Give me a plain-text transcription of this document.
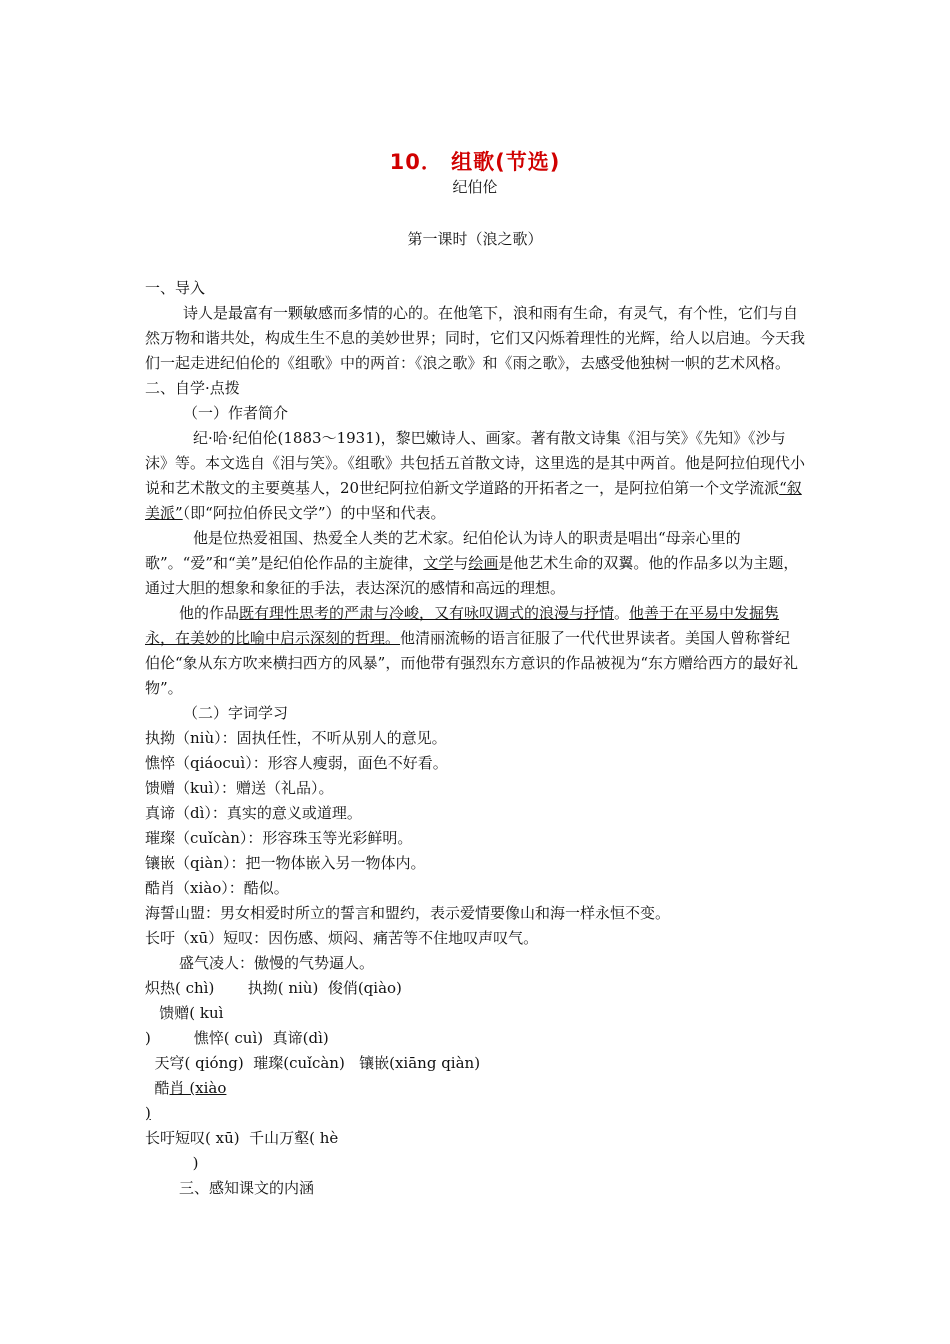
10． 组歌(节选)
纪伯伦
第一课时（浪之歌）

一、导入

诗人是最富有一颗敏感而多情的心的。在他笔下，浪和雨有生命，有灵气，有个性，它们与自然万物和谐共处，构成生生不息的美妙世界；同时，它们又闪烁着理性的光辉，给人以启迪。今天我们一起走进纪伯伦的《组歌》中的两首：《浪之歌》和《雨之歌》，去感受他独树一帜的艺术风格。

二、自学·点拨

（一）作者简介

纪·哈·纪伯伦(1883～1931)，黎巴嫩诗人、画家。著有散文诗集《泪与笑》《先知》《沙与沫》等。本文选自《泪与笑》。《组歌》共包括五首散文诗，这里选的是其中两首。他是阿拉伯现代小说和艺术散文的主要奠基人，20世纪阿拉伯新文学道路的开拓者之一，是阿拉伯第一个文学流派“叙美派”（即“阿拉伯侨民文学”）的中坚和代表。

他是位热爱祖国、热爱全人类的艺术家。纪伯伦认为诗人的职责是唱出“母亲心里的歌”。“爱”和“美”是纪伯伦作品的主旋律，文学与绘画是他艺术生命的双翼。他的作品多以为主题，通过大胆的想象和象征的手法，表达深沉的感情和高远的理想。

他的作品既有理性思考的严肃与冷峻，又有咏叹调式的浪漫与抒情。他善于在平易中发掘隽永，在美妙的比喻中启示深刻的哲理。他清丽流畅的语言征服了一代代世界读者。美国人曾称誉纪伯伦“象从东方吹来横扫西方的风暴”，而他带有强烈东方意识的作品被视为“东方赠给西方的最好礼物”。

（二）字词学习

执拗（niù）：固执任性，不听从别人的意见。

憔悴（qiáocuì）：形容人瘦弱，面色不好看。

馈赠（kuì）：赠送（礼品）。

真谛（dì）：真实的意义或道理。

璀璨（cuǐcàn）：形容珠玉等光彩鲜明。

镶嵌（qiàn）：把一物体嵌入另一物体内。

酷肖（xiào）：酷似。

海誓山盟：男女相爱时所立的誓言和盟约，表示爱情要像山和海一样永恒不变。

长吁（xū）短叹：因伤感、烦闷、痛苦等不住地叹声叹气。

盛气凌人：傲慢的气势逼人。

炽热( chì)       执拗( niù)  俊俏(qiào)

馈赠( kuì

)         憔悴( cuì)  真谛(dì)

天穹( qióng)  璀璨(cuǐcàn)   镶嵌(xiāng qiàn)

酷肖 (xiào

)

长吁短叹( xū)  千山万壑( hè

)

三、感知课文的内涵
